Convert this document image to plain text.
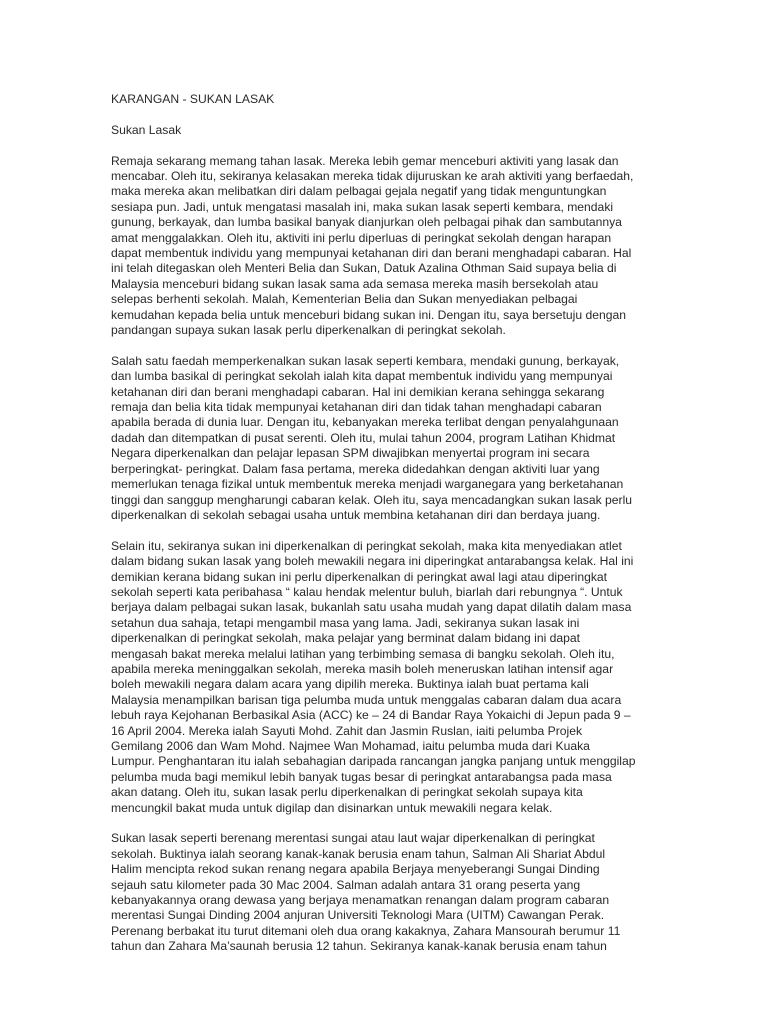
KARANGAN - SUKAN LASAK
Sukan Lasak
Remaja sekarang memang tahan lasak. Mereka lebih gemar menceburi aktiviti yang lasak dan
mencabar. Oleh itu, sekiranya kelasakan mereka tidak dijuruskan ke arah aktiviti yang berfaedah,
maka mereka akan melibatkan diri dalam pelbagai gejala negatif yang tidak menguntungkan
sesiapa pun. Jadi, untuk mengatasi masalah ini, maka sukan lasak seperti kembara, mendaki
gunung, berkayak, dan lumba basikal banyak dianjurkan oleh pelbagai pihak dan sambutannya
amat menggalakkan. Oleh itu, aktiviti ini perlu diperluas di peringkat sekolah dengan harapan
dapat membentuk individu yang mempunyai ketahanan diri dan berani menghadapi cabaran. Hal
ini telah ditegaskan oleh Menteri Belia dan Sukan, Datuk Azalina Othman Said supaya belia di
Malaysia menceburi bidang sukan lasak sama ada semasa mereka masih bersekolah atau
selepas berhenti sekolah. Malah, Kementerian Belia dan Sukan menyediakan pelbagai
kemudahan kepada belia untuk menceburi bidang sukan ini. Dengan itu, saya bersetuju dengan
pandangan supaya sukan lasak perlu diperkenalkan di peringkat sekolah.
Salah satu faedah memperkenalkan sukan lasak seperti kembara, mendaki gunung, berkayak,
dan lumba basikal di peringkat sekolah ialah kita dapat membentuk individu yang mempunyai
ketahanan diri dan berani menghadapi cabaran. Hal ini demikian kerana sehingga sekarang
remaja dan belia kita tidak mempunyai ketahanan diri dan tidak tahan menghadapi cabaran
apabila berada di dunia luar. Dengan itu, kebanyakan mereka terlibat dengan penyalahgunaan
dadah dan ditempatkan di pusat serenti. Oleh itu, mulai tahun 2004, program Latihan Khidmat
Negara diperkenalkan dan pelajar lepasan SPM diwajibkan menyertai program ini secara
berperingkat- peringkat. Dalam fasa pertama, mereka didedahkan dengan aktiviti luar yang
memerlukan tenaga fizikal untuk membentuk mereka menjadi warganegara yang berketahanan
tinggi dan sanggup mengharungi cabaran kelak. Oleh itu, saya mencadangkan sukan lasak perlu
diperkenalkan di sekolah sebagai usaha untuk membina ketahanan diri dan berdaya juang.
Selain itu, sekiranya sukan ini diperkenalkan di peringkat sekolah, maka kita menyediakan atlet
dalam bidang sukan lasak yang boleh mewakili negara ini diperingkat antarabangsa kelak. Hal ini
demikian kerana bidang sukan ini perlu diperkenalkan di peringkat awal lagi atau diperingkat
sekolah seperti kata peribahasa “ kalau hendak melentur buluh, biarlah dari rebungnya “. Untuk
berjaya dalam pelbagai sukan lasak, bukanlah satu usaha mudah yang dapat dilatih dalam masa
setahun dua sahaja, tetapi mengambil masa yang lama. Jadi, sekiranya sukan lasak ini
diperkenalkan di peringkat sekolah, maka pelajar yang berminat dalam bidang ini dapat
mengasah bakat mereka melalui latihan yang terbimbing semasa di bangku sekolah. Oleh itu,
apabila mereka meninggalkan sekolah, mereka masih boleh meneruskan latihan intensif agar
boleh mewakili negara dalam acara yang dipilih mereka. Buktinya ialah buat pertama kali
Malaysia menampilkan barisan tiga pelumba muda untuk menggalas cabaran dalam dua acara
lebuh raya Kejohanan Berbasikal Asia (ACC) ke – 24 di Bandar Raya Yokaichi di Jepun pada 9 –
16 April 2004. Mereka ialah Sayuti Mohd. Zahit dan Jasmin Ruslan, iaiti pelumba Projek
Gemilang 2006 dan Wam Mohd. Najmee Wan Mohamad, iaitu pelumba muda dari Kuaka
Lumpur. Penghantaran itu ialah sebahagian daripada rancangan jangka panjang untuk menggilap
pelumba muda bagi memikul lebih banyak tugas besar di peringkat antarabangsa pada masa
akan datang. Oleh itu, sukan lasak perlu diperkenalkan di peringkat sekolah supaya kita
mencungkil bakat muda untuk digilap dan disinarkan untuk mewakili negara kelak.
Sukan lasak seperti berenang merentasi sungai atau laut wajar diperkenalkan di peringkat
sekolah. Buktinya ialah seorang kanak-kanak berusia enam tahun, Salman Ali Shariat Abdul
Halim mencipta rekod sukan renang negara apabila Berjaya menyeberangi Sungai Dinding
sejauh satu kilometer pada 30 Mac 2004. Salman adalah antara 31 orang peserta yang
kebanyakannya orang dewasa yang berjaya menamatkan renangan dalam program cabaran
merentasi Sungai Dinding 2004 anjuran Universiti Teknologi Mara (UITM) Cawangan Perak.
Perenang berbakat itu turut ditemani oleh dua orang kakaknya, Zahara Mansourah berumur 11
tahun dan Zahara Ma’saunah berusia 12 tahun. Sekiranya kanak-kanak berusia enam tahun
